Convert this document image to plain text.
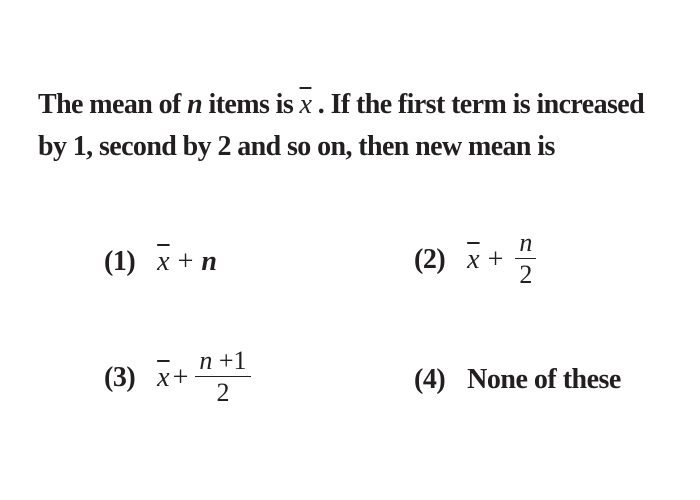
The mean of n items is $\overline{x}$ . If the first term is increased
by 1, second by 2 and so on, then new mean is
(1) $\overline{x} + n$	(2) $\overline{x} + \frac{n}{2}$
(3) $\overline{x} + \frac{n +1}{2}$	(4) None of these
